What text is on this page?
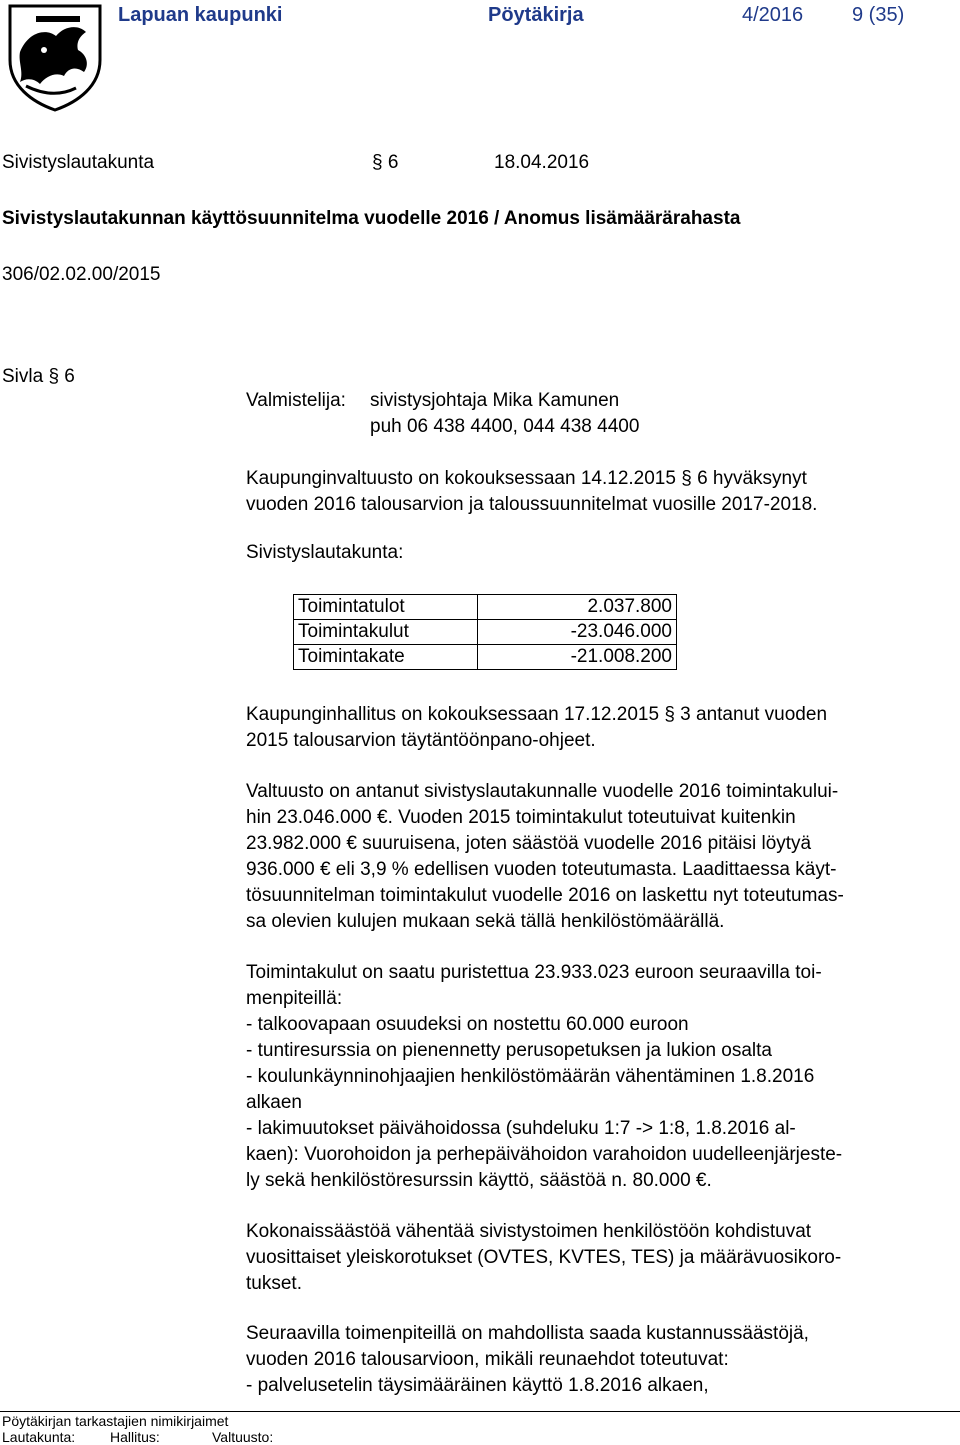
Lapuan kaupunki	Pöytäkirja	4/2016 9 (35)
Sivistyslautakunta	§ 6	18.04.2016
Sivistyslautakunnan käyttösuunnitelma vuodelle 2016 / Anomus lisämäärärahasta
306/02.02.00/2015
Sivla § 6
Valmistelija: sivistysjohtaja Mika Kamunen
puh 06 438 4400, 044 438 4400
Kaupunginvaltuusto on kokouksessaan 14.12.2015 § 6 hyväksynyt
vuoden 2016 talousarvion ja taloussuunnitelmat vuosille 2017-2018.
Sivistyslautakunta:
Toimintatulot	2.037.800
Toimintakulut	-23.046.000
Toimintakate	-21.008.200
Kaupunginhallitus on kokouksessaan 17.12.2015 § 3 antanut vuoden
2015 talousarvion täytäntöönpano-ohjeet.
Valtuusto on antanut sivistyslautakunnalle vuodelle 2016 toimintakului-
hin 23.046.000 €. Vuoden 2015 toimintakulut toteutuivat kuitenkin
23.982.000 € suuruisena, joten säästöä vuodelle 2016 pitäisi löytyä
936.000 € eli 3,9 % edellisen vuoden toteutumasta. Laadittaessa käyt-
tösuunnitelman toimintakulut vuodelle 2016 on laskettu nyt toteutumas-
sa olevien kulujen mukaan sekä tällä henkilöstömäärällä.
Toimintakulut on saatu puristettua 23.933.023 euroon seuraavilla toi-
menpiteillä:
- talkoovapaan osuudeksi on nostettu 60.000 euroon
- tuntiresurssia on pienennetty perusopetuksen ja lukion osalta
- koulunkäynninohjaajien henkilöstömäärän vähentäminen 1.8.2016
alkaen
- lakimuutokset päivähoidossa (suhdeluku 1:7 -> 1:8, 1.8.2016 al-
kaen): Vuorohoidon ja perhepäivähoidon varahoidon uudelleenjärjeste-
ly sekä henkilöstöresurssin käyttö, säästöä n. 80.000 €.
Kokonaissäästöä vähentää sivistystoimen henkilöstöön kohdistuvat
vuosittaiset yleiskorotukset (OVTES, KVTES, TES) ja määrävuosikoro-
tukset.
Seuraavilla toimenpiteillä on mahdollista saada kustannussäästöjä,
vuoden 2016 talousarvioon, mikäli reunaehdot toteutuvat:
- palvelusetelin täysimääräinen käyttö 1.8.2016 alkaen,
Pöytäkirjan tarkastajien nimikirjaimet
Lautakunta: Hallitus:	Valtuusto:
